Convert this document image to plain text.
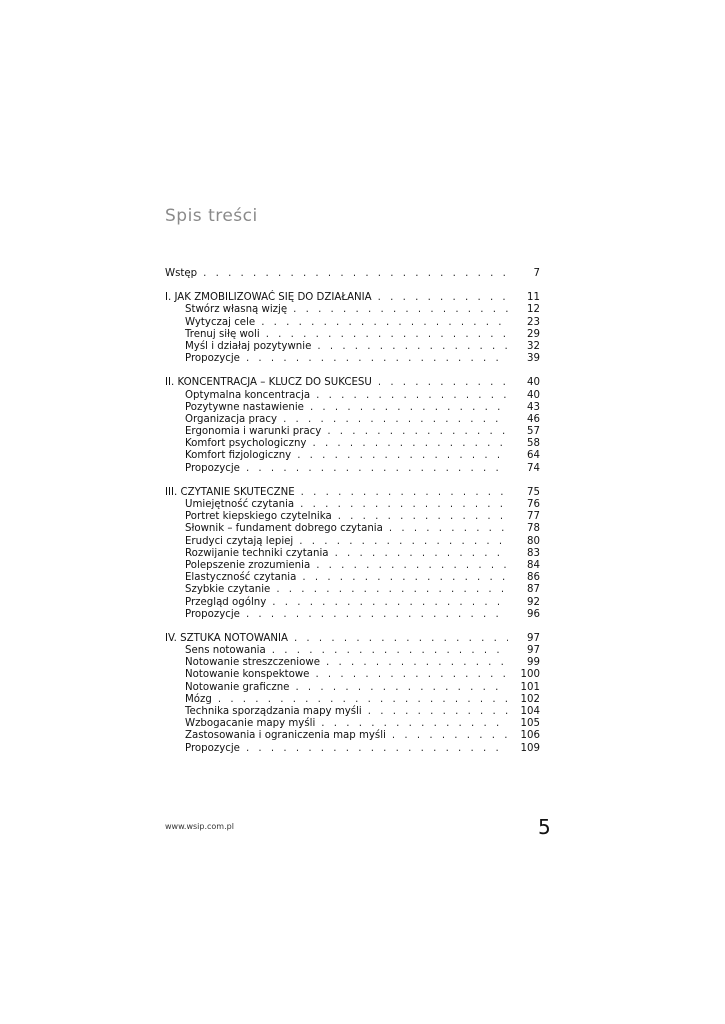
Spis treści
Wstęp . . .	7
I. JAK ZMOBILIZOWAĆ SIĘ DO DZIAŁANIA . . .	11
Stwórz własną wizję . . .	12
Wytyczaj cele . . .	23
Trenuj siłę woli . . .	29
Myśl i działaj pozytywnie . . .	32
Propozycje . . .	39
II. KONCENTRACJA – KLUCZ DO SUKCESU . . .	40
Optymalna koncentracja . . .	40
Pozytywne nastawienie . . .	43
Organizacja pracy . . .	46
Ergonomia i warunki pracy . . .	57
Komfort psychologiczny . . .	58
Komfort fizjologiczny . . .	64
Propozycje . . .	74
III. CZYTANIE SKUTECZNE . . .	75
Umiejętność czytania . . .	76
Portret kiepskiego czytelnika . . .	77
Słownik – fundament dobrego czytania . . .	78
Erudyci czytają lepiej . . .	80
Rozwijanie techniki czytania . . .	83
Polepszenie zrozumienia . . .	84
Elastyczność czytania . . .	86
Szybkie czytanie . . .	87
Przegląd ogólny . . .	92
Propozycje . . .	96
IV. SZTUKA NOTOWANIA . . .	97
Sens notowania . . .	97
Notowanie streszczeniowe . . .	99
Notowanie konspektowe . . .	100
Notowanie graficzne . . .	101
Mózg . . .	102
Technika sporządzania mapy myśli . . .	104
Wzbogacanie mapy myśli . . .	105
Zastosowania i ograniczenia map myśli . . .	106
Propozycje . . .	109
www.wsip.com.pl	5
